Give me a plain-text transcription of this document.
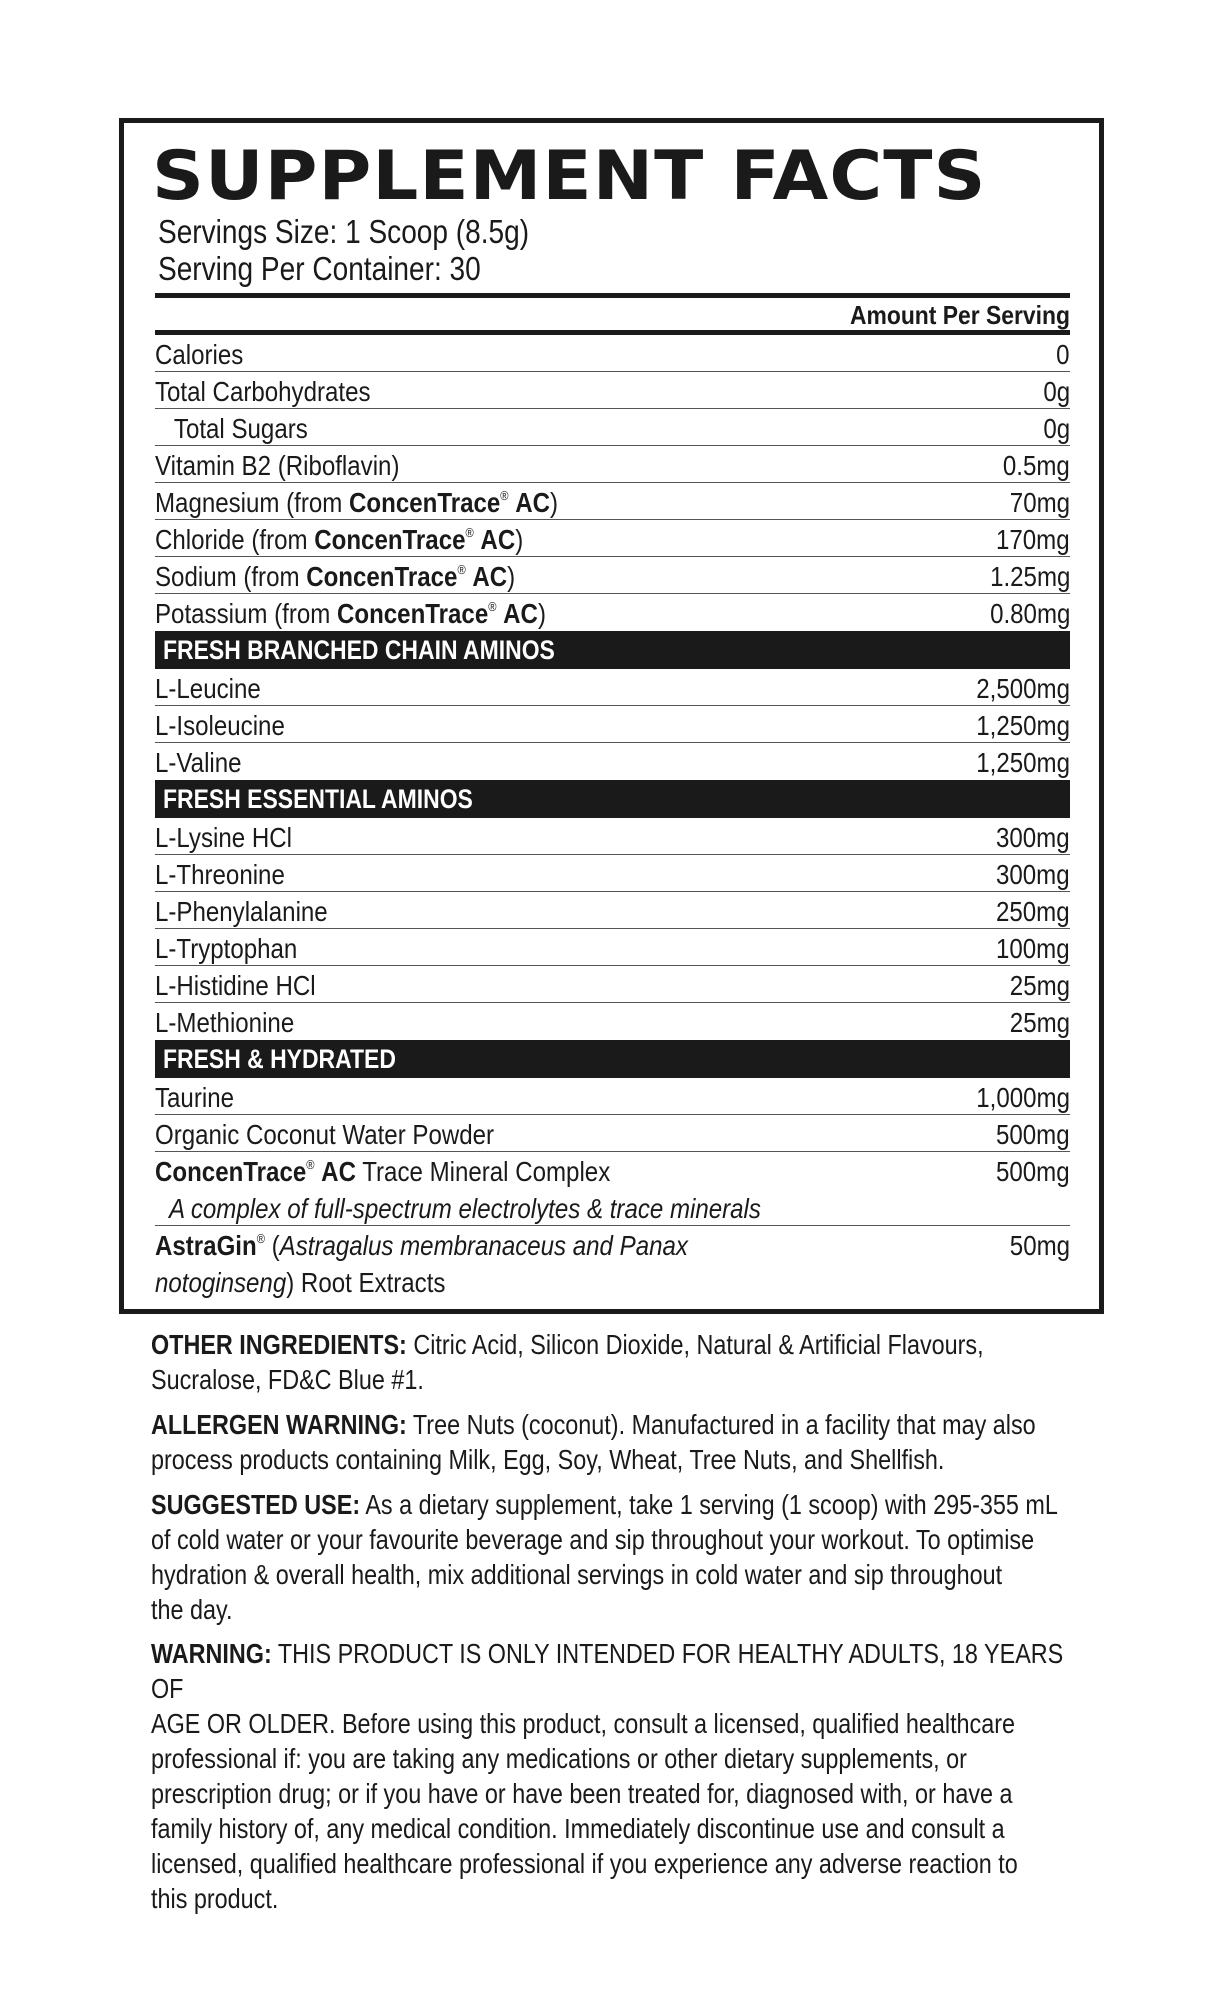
SUPPLEMENT FACTS
Servings Size: 1 Scoop (8.5g)
Serving Per Container: 30
Amount Per Serving
Calories	0
Total Carbohydrates	0g
Total Sugars	0g
Vitamin B2 (Riboflavin)	0.5mg
Magnesium (from ConcenTrace® AC)	70mg
Chloride (from ConcenTrace® AC)	170mg
Sodium (from ConcenTrace® AC)	1.25mg
Potassium (from ConcenTrace® AC)	0.80mg
FRESH BRANCHED CHAIN AMINOS
L-Leucine	2,500mg
L-Isoleucine	1,250mg
L-Valine	1,250mg
FRESH ESSENTIAL AMINOS
L-Lysine HCl	300mg
L-Threonine	300mg
L-Phenylalanine	250mg
L-Tryptophan	100mg
L-Histidine HCl	25mg
L-Methionine	25mg
FRESH & HYDRATED
Taurine	1,000mg
Organic Coconut Water Powder	500mg
ConcenTrace® AC Trace Mineral Complex	500mg
A complex of full-spectrum electrolytes & trace minerals
AstraGin® (Astragalus membranaceus and Panax	50mg
notoginseng) Root Extracts
OTHER INGREDIENTS: Citric Acid, Silicon Dioxide, Natural & Artificial Flavours,
Sucralose, FD&C Blue #1.
ALLERGEN WARNING: Tree Nuts (coconut). Manufactured in a facility that may also
process products containing Milk, Egg, Soy, Wheat, Tree Nuts, and Shellfish.
SUGGESTED USE: As a dietary supplement, take 1 serving (1 scoop) with 295-355 mL
of cold water or your favourite beverage and sip throughout your workout. To optimise
hydration & overall health, mix additional servings in cold water and sip throughout
the day.
WARNING: THIS PRODUCT IS ONLY INTENDED FOR HEALTHY ADULTS, 18 YEARS OF
AGE OR OLDER. Before using this product, consult a licensed, qualified healthcare
professional if: you are taking any medications or other dietary supplements, or
prescription drug; or if you have or have been treated for, diagnosed with, or have a
family history of, any medical condition. Immediately discontinue use and consult a
licensed, qualified healthcare professional if you experience any adverse reaction to
this product.
